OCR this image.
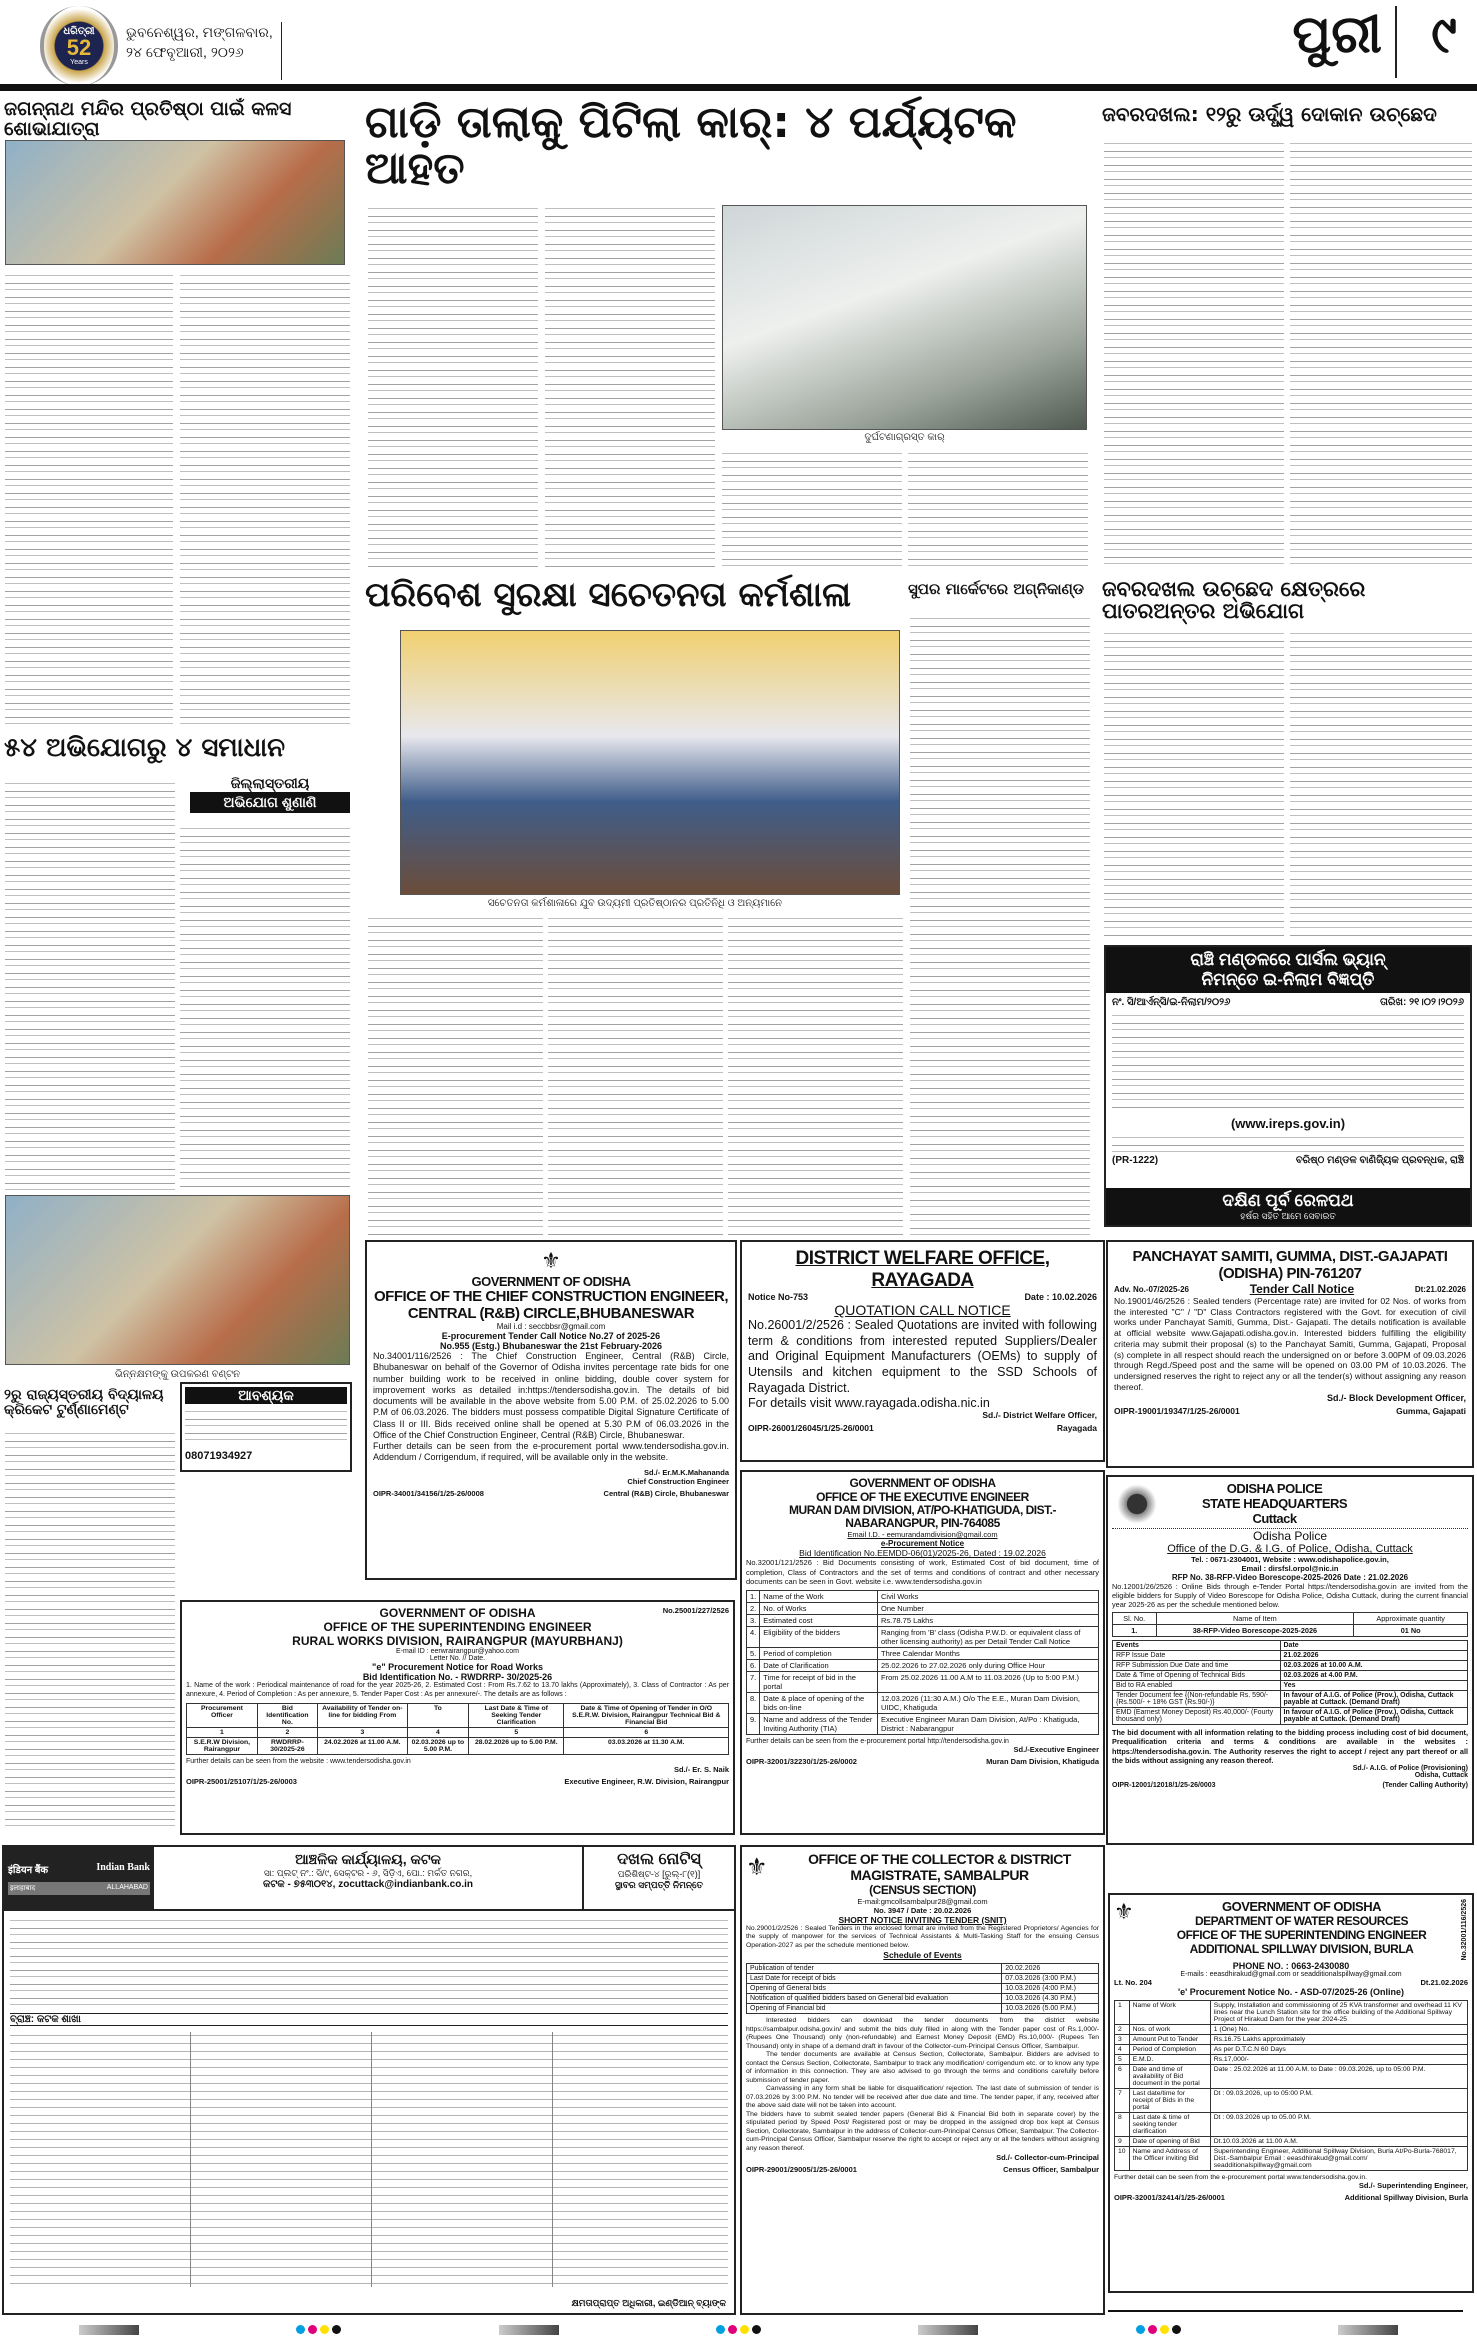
ଧରିତ୍ରୀ
52
Years
ଭୁବନେଶ୍ୱର, ମଙ୍ଗଳବାର,
୨୪ ଫେବୃଆରୀ, ୨୦୨୬	ପୁରୀ ୯
ଜଗନ୍ନାଥ ମନ୍ଦିର ପ୍ରତିଷ୍ଠା ପାଇଁ କଳସ ଶୋଭାଯାତ୍ରା
୫୪ ଅଭିଯୋଗରୁ ୪ ସମାଧାନ
ଜିଲ୍ଲାସ୍ତରୀୟ
ଅଭିଯୋଗ ଶୁଣାଣି
ଭିନ୍ନକ୍ଷମଙ୍କୁ ଉପକରଣ ବଣ୍ଟନ
୨ରୁ ରାଜ୍ୟସ୍ତରୀୟ ବିଦ୍ୟାଳୟ କ୍ରିକେଟ ଟୁର୍ଣ୍ଣାମେଣ୍ଟ
ଆବଶ୍ୟକ
08071934927
ଗାଡ଼ି ତାଲାକୁ ପିଟିଲା କାର୍: ୪ ପର୍ଯ୍ୟଟକ ଆହତ
ଦୁର୍ଘଟଣାଗ୍ରସ୍ତ କାର୍
ପରିବେଶ ସୁରକ୍ଷା ସଚେତନତା କର୍ମଶାଳା
ସଚେତନତା କର୍ମଶାଳାରେ ଯୁବ ଉଦ୍ୟମୀ ପ୍ରତିଷ୍ଠାନର ପ୍ରତିନିଧି ଓ ଅନ୍ୟମାନେ
ସୁପର ମାର୍କେଟରେ ଅଗ୍ନିକାଣ୍ଡ
ଜବରଦଖଲ: ୧୨ରୁ ଊର୍ଦ୍ଧ୍ୱ ଦୋକାନ ଉଚ୍ଛେଦ
ଜବରଦଖଲ ଉଚ୍ଛେଦ କ୍ଷେତ୍ରରେ ପାତରଅନ୍ତର ଅଭିଯୋଗ
ରାଞ୍ଚି ମଣ୍ଡଳରେ ପାର୍ସଲ ଭ୍ୟାନ୍
ନିମନ୍ତେ ଇ-ନିଲାମ ବିଜ୍ଞପ୍ତି
ନଂ. ସି/ଆର୍ଏନ୍ସି/ଇ-ନିଲାମ/୨୦୨୬	ତାରିଖ: ୨୧।୦୨।୨୦୨୬
(www.ireps.gov.in)
(PR-1222)	ବରିଷ୍ଠ ମଣ୍ଡଳ ବାଣିଜ୍ୟିକ ପ୍ରବନ୍ଧକ, ରାଞ୍ଚି
ଦକ୍ଷିଣ ପୂର୍ବ ରେଳପଥ
ହର୍ଷର ସହିତ ଆମେ ସେବାରତ
⚜
GOVERNMENT OF ODISHA
OFFICE OF THE CHIEF CONSTRUCTION ENGINEER, CENTRAL (R&B) CIRCLE,BHUBANESWAR
Mail i.d : seccbbsr@gmail.com
E-procurement Tender Call Notice No.27 of 2025-26
No.955 (Estg.) Bhubaneswar the 21st February-2026

No.34001/116/2526 : The Chief Construction Engineer, Central (R&B) Circle, Bhubaneswar on behalf of the Governor of Odisha invites percentage rate bids for one number building work to be received in online bidding, double cover system for improvement works as detailed in:https://tendersodisha.gov.in. The details of bid documents will be available in the above website from 5.00 P.M. of 25.02.2026 to 5.00 P.M of 06.03.2026. The bidders must possess compatible Digital Signature Certificate of Class II or III. Bids received online shall be opened at 5.30 P.M of 06.03.2026 in the Office of the Chief Construction Engineer, Central (R&B) Circle, Bhubaneswar.

Further details can be seen from the e-procurement portal www.tendersodisha.gov.in. Addendum / Corrigendum, if required, will be available only in the website.

Sd./- Er.M.K.Mahananda
Chief Construction Engineer
OIPR-34001/34156/1/25-26/0008	Central (R&B) Circle, Bhubaneswar
DISTRICT WELFARE OFFICE, RAYAGADA
Notice No-753	Date : 10.02.2026
QUOTATION CALL NOTICE

No.26001/2/2526 : Sealed Quotations are invited with following term & conditions from interested reputed Suppliers/Dealer and Original Equipment Manufacturers (OEMs) to supply of Utensils and kitchen equipment to the SSD Schools of Rayagada District.

For details visit www.rayagada.odisha.nic.in
Sd./- District Welfare Officer,
OIPR-26001/26045/1/25-26/0001	Rayagada
GOVERNMENT OF ODISHA
OFFICE OF THE EXECUTIVE ENGINEER
MURAN DAM DIVISION, AT/PO-KHATIGUDA, DIST.-NABARANGPUR, PIN-764085
Email I.D. - eemurandamdivision@gmail.com
e-Procurement Notice
Bid Identification No.EEMDD-06(01)/2025-26, Dated : 19.02.2026

No.32001/121/2526 : Bid Documents consisting of work, Estimated Cost of bid document, time of completion, Class of Contractors and the set of terms and conditions of contract and other necessary documents can be seen in Govt. website i.e. www.tendersodisha.gov.in

1.	Name of the Work	Civil Works
2.	No. of Works	One Number
3.	Estimated cost	Rs.78.75 Lakhs
4.	Eligibility of the bidders	Ranging from 'B' class (Odisha P.W.D. or equivalent class of other licensing authority) as per Detail Tender Call Notice
5.	Period of completion	Three Calendar Months
6.	Date of Clarification	25.02.2026 to 27.02.2026 only during Office Hour
7.	Time for receipt of bid in the portal	From 25.02.2026 11.00 A.M to 11.03.2026 (Up to 5:00 P.M.)
8.	Date & place of opening of the bids on-line	12.03.2026 (11:30 A.M.) O/o The E.E., Muran Dam Division, UIDC, Khatiguda
9.	Name and address of the Tender Inviting Authority (TIA)	Executive Engineer Muran Dam Division, At/Po : Khatiguda, District : Nabarangpur
Further details can be seen from the e-procurement portal http://tendersodisha.gov.in
Sd./-Executive Engineer
OIPR-32001/32230/1/25-26/0002	Muran Dam Division, Khatiguda
PANCHAYAT SAMITI, GUMMA, DIST.-GAJAPATI
(ODISHA) PIN-761207
Adv. No.-07/2025-26	Tender Call Notice	Dt:21.02.2026

No.19001/46/2526 : Sealed tenders (Percentage rate) are invited for 02 Nos. of works from the interested "C" / "D" Class Contractors registered with the Govt. for execution of civil works under Panchayat Samiti, Gumma, Dist.- Gajapati. The details notification is available at official website www.Gajapati.odisha.gov.in. Interested bidders fulfilling the eligibility criteria may submit their proposal (s) to the Panchayat Samiti, Gumma, Gajapati, Proposal (s) complete in all respect should reach the undersigned on or before 3.00PM of 09.03.2026 through Regd./Speed post and the same will be opened on 03.00 PM of 10.03.2026. The undersigned reserves the right to reject any or all the tender(s) without assigning any reason thereof.

Sd./- Block Development Officer,
OIPR-19001/19347/1/25-26/0001	Gumma, Gajapati
ODISHA POLICE
STATE HEADQUARTERS
Cuttack
Odisha Police
Office of the D.G. & I.G. of Police, Odisha, Cuttack
Tel. : 0671-2304001, Website : www.odishapolice.gov.in,
Email : dirsfsl.orpol@nic.in
RFP No. 38-RFP-Video Borescope-2025-2026 Date : 21.02.2026

No.12001/26/2526 : Online Bids through e-Tender Portal https://tendersodisha.gov.in are invited from the eligible bidders for Supply of Video Borescope for Odisha Police, Odisha Cuttack, during the current financial year 2025-26 as per the schedule mentioned below.

Sl. No.	Name of Item	Approximate quantity
1.	38-RFP-Video Borescope-2025-2026	01 No
Events	Date
RFP Issue Date	21.02.2026
RFP Submission Due Date and time	02.03.2026 at 10.00 A.M.
Date & Time of Opening of Technical Bids	02.03.2026 at 4.00 P.M.
Bid to RA enabled	Yes
Tender Document fee {(Non-refundable Rs. 590/- {Rs.500/- + 18% GST (Rs.90/-)}	In favour of A.I.G. of Police (Prov.), Odisha, Cuttack payable at Cuttack. (Demand Draft)
EMD (Earnest Money Deposit) Rs.40,000/- (Fourty thousand only)	In favour of A.I.G. of Police (Prov.), Odisha, Cuttack payable at Cuttack. (Demand Draft)

The bid document with all information relating to the bidding process including cost of bid document, Prequalification criteria and terms & conditions are available in the websites : https://tendersodisha.gov.in. The Authority reserves the right to accept / reject any part thereof or all the bids without assigning any reason thereof.

Sd./- A.I.G. of Police (Provisioning)
Odisha, Cuttack
OIPR-12001/12018/1/25-26/0003	(Tender Calling Authority)
GOVERNMENT OF ODISHA	No.25001/227/2526
OFFICE OF THE SUPERINTENDING ENGINEER
RURAL WORKS DIVISION, RAIRANGPUR (MAYURBHANJ)
E-mail ID : eerwrairangpur@yahoo.com
Letter No. // Date.
"e" Procurement Notice for Road Works
Bid Identification No. - RWDRRP- 30/2025-26

1. Name of the work : Periodical maintenance of road for the year 2025-26, 2. Estimated Cost : From Rs.7.62 to 13.70 lakhs (Approximately), 3. Class of Contractor : As per annexure, 4. Period of Completion : As per annexure, 5. Tender Paper Cost : As per annexure/-. The details are as follows :

Procurement Officer	Bid Identification No.	Availability of Tender on-line for bidding From	To	Last Date & Time of Seeking Tender Clarification	Date & Time of Opening of Tender in O/O S.E.R.W. Division, Rairangpur Technical Bid & Financial Bid
1	2	3	4	5	6
S.E.R.W Division, Rairangpur	RWDRRP-30/2025-26	24.02.2026 at 11.00 A.M.	02.03.2026 up to 5.00 P.M.	28.02.2026 up to 5.00 P.M.	03.03.2026 at 11.30 A.M.
Further details can be seen from the website : www.tendersodisha.gov.in
Sd./- Er. S. Naik
OIPR-25001/25107/1/25-26/0003	Executive Engineer, R.W. Division, Rairangpur
इंडियन बैंक	Indian Bank
इलाहाबाद	ALLAHABAD
ଆଞ୍ଚଳିକ କାର୍ଯ୍ୟାଳୟ, କଟକ
ସା: ପ୍ଲଟ୍ ନଂ.: ସି/୯, ସେକ୍ଟର - ୬, ସିଡ଼ିଏ, ପୋ.: ମର୍କତ ନଗର,
କଟକ - ୭୫୩୦୧୪, zocuttack@indianbank.co.in
ଦଖଲ ନୋଟିସ୍
ପରିଶିଷ୍ଟ-୪ [ରୁଲ୍-୮(୧)]
ସ୍ଥାବର ସମ୍ପତ୍ତି ନିମନ୍ତେ
ବ୍ରାଞ୍ଚ: କଟକ ଶାଖା
କ୍ଷମତାପ୍ରାପ୍ତ ଅଧିକାରୀ, ଇଣ୍ଡିଆନ୍ ବ୍ୟାଙ୍କ
⚜	OFFICE OF THE COLLECTOR & DISTRICT
MAGISTRATE, SAMBALPUR
(CENSUS SECTION)
E-mail:gmcollsambalpur28@gmail.com
No. 3947 / Date : 20.02.2026
SHORT NOTICE INVITING TENDER (SNIT)

No.29001/2/2526 : Sealed Tenders in the enclosed format are invited from the Registered Proprietors/ Agencies for the supply of manpower for the services of Technical Assistants & Multi-Tasking Staff for the ensuing Census Operation-2027 as per the schedule mentioned below.

Schedule of Events
Publication of tender	20.02.2026
Last Date for receipt of bids	07.03.2026 (3:00 P.M.)
Opening of General bids	10.03.2026 (4:00 P.M.)
Notification of qualified bidders based on General bid evaluation	10.03.2026 (4.30 P.M.)
Opening of Financial bid	10.03.2026 (5.00 P.M.)

Interested bidders can download the tender documents from the district website https://sambalpur.odisha.gov.in/ and submit the bids duly filled in along with the Tender paper cost of Rs.1,000/- (Rupees One Thousand) only (non-refundable) and Earnest Money Deposit (EMD) Rs.10,000/- (Rupees Ten Thousand) only in shape of a demand draft in favour of the Collector-cum-Principal Census Officer, Sambalpur.

The tender documents are available at Census Section, Collectorate, Sambalpur. Bidders are advised to contact the Census Section, Collectorate, Sambalpur to track any modification/ corrigendum etc. or to know any type of information in this connection. They are also advised to go through the terms and conditions carefully before submission of tender paper.

Canvassing in any form shall be liable for disqualification/ rejection. The last date of submission of tender is 07.03.2026 by 3:00 P.M. No tender will be received after due date and time. The tender paper, if any, received after the above said date will not be taken into account.

The bidders have to submit sealed tender papers (General Bid & Financial Bid both in separate cover) by the stipulated period by Speed Post/ Registered post or may be dropped in the assigned drop box kept at Census Section, Collectorate, Sambalpur in the address of Collector-cum-Principal Census Officer, Sambalpur. The Collector-cum-Principal Census Officer, Sambalpur reserve the right to accept or reject any or all the tenders without assigning any reason thereof.

Sd./- Collector-cum-Principal
OIPR-29001/29005/1/25-26/0001	Census Officer, Sambalpur
⚜	GOVERNMENT OF ODISHA
DEPARTMENT OF WATER RESOURCES
OFFICE OF THE SUPERINTENDING ENGINEER
ADDITIONAL SPILLWAY DIVISION, BURLA	No.32001/116/2526
PHONE NO. : 0663-2430080
E-mails : eeasdhirakud@gmail.com or seadditionalspillway@gmail.com
Lt. No. 204	Dt.21.02.2026
'e' Procurement Notice No. - ASD-07/2025-26 (Online)
1	Name of Work	Supply, Installation and commissioning of 25 KVA transformer and overhead 11 KV lines near the Lunch Station site for the office building of the Additional Spillway Project of Hirakud Dam for the year 2024-25
2	Nos. of work	1 (One) No.
3	Amount Put to Tender	Rs.16.75 Lakhs approximately
4	Period of Completion	As per D.T.C.N 60 Days
5	E.M.D.	Rs.17,000/-
6	Date and time of availability of Bid document in the portal	Date : 25.02.2026 at 11.00 A.M. to Date : 09.03.2026, up to 05:00 P.M.
7	Last date/time for receipt of Bids in the portal	Dt : 09.03.2026, up to 05:00 P.M.
8	Last date & time of seeking tender clarification	Dt : 09.03.2026 up to 05.00 P.M.
9	Date of opening of Bid	Dt.10.03.2026 at 11.00 A.M.
10	Name and Address of the Officer inviting Bid	Superintending Engineer, Additional Spillway Division, Burla At/Po-Burla-768017, Dist.-Sambalpur Email : eeasdhirakud@gmail.com/ seadditionalspillway@gmail.com
Further detail can be seen from the e-procurement portal www.tendersodisha.gov.in.
Sd./- Superintending Engineer,
OIPR-32001/32414/1/25-26/0001	Additional Spillway Division, Burla
